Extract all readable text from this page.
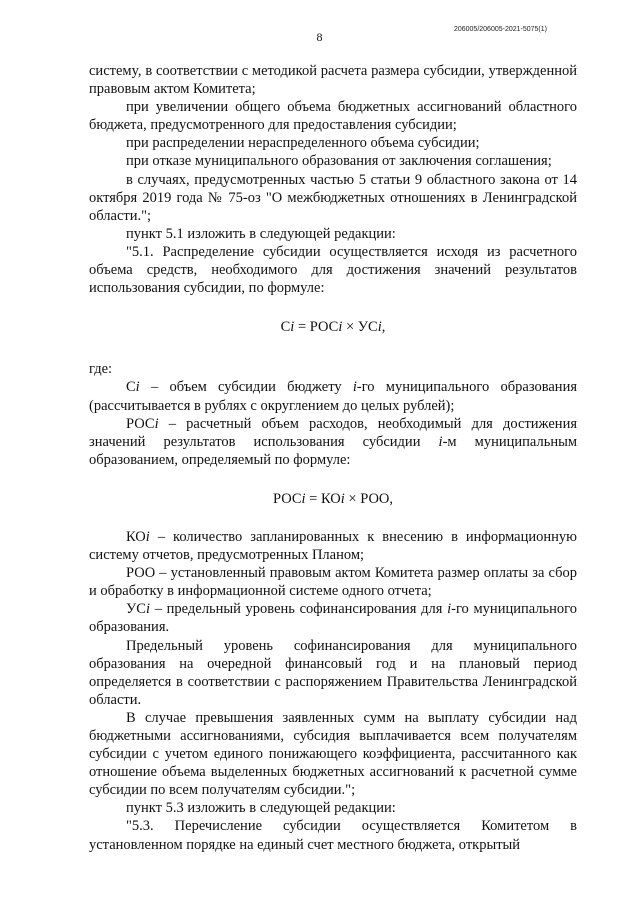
206005/206005-2021-5075(1)
8

системy, в соответствии с методикой расчета размера субсидии, утвержденной правовым актом Комитета;

при увеличении общего объема бюджетных ассигнований областного бюджета, предусмотренного для предоставления субсидии;

при распределении нераспределенного объема субсидии;

при отказе муниципального образования от заключения соглашения;

в случаях, предусмотренных частью 5 статьи 9 областного закона от 14 октября 2019 года № 75-оз "О межбюджетных отношениях в Ленинградской области.";

пункт 5.1 изложить в следующей редакции:

"5.1. Распределение субсидии осуществляется исходя из расчетного объема средств, необходимого для достижения значений результатов использования субсидии, по формуле:

Сi = РОСi × УСi,

где:

Сi – объем субсидии бюджету i-го муниципального образования (рассчитывается в рублях с округлением до целых рублей);

РОСi – расчетный объем расходов, необходимый для достижения значений результатов использования субсидии i-м муниципальным образованием, определяемый по формуле:

РОСi = КОi × РОО,

КОi – количество запланированных к внесению в информационную систему отчетов, предусмотренных Планом;

РОО – установленный правовым актом Комитета размер оплаты за сбор и обработку в информационной системе одного отчета;

УСi – предельный уровень софинансирования для i-го муниципального образования.

Предельный уровень софинансирования для муниципального образования на очередной финансовый год и на плановый период определяется в соответствии с распоряжением Правительства Ленинградской области.

В случае превышения заявленных сумм на выплату субсидии над бюджетными ассигнованиями, субсидия выплачивается всем получателям субсидии с учетом единого понижающего коэффициента, рассчитанного как отношение объема выделенных бюджетных ассигнований к расчетной сумме субсидии по всем получателям субсидии.";

пункт 5.3 изложить в следующей редакции:

"5.3. Перечисление субсидии осуществляется Комитетом в установленном порядке на единый счет местного бюджета, открытый
